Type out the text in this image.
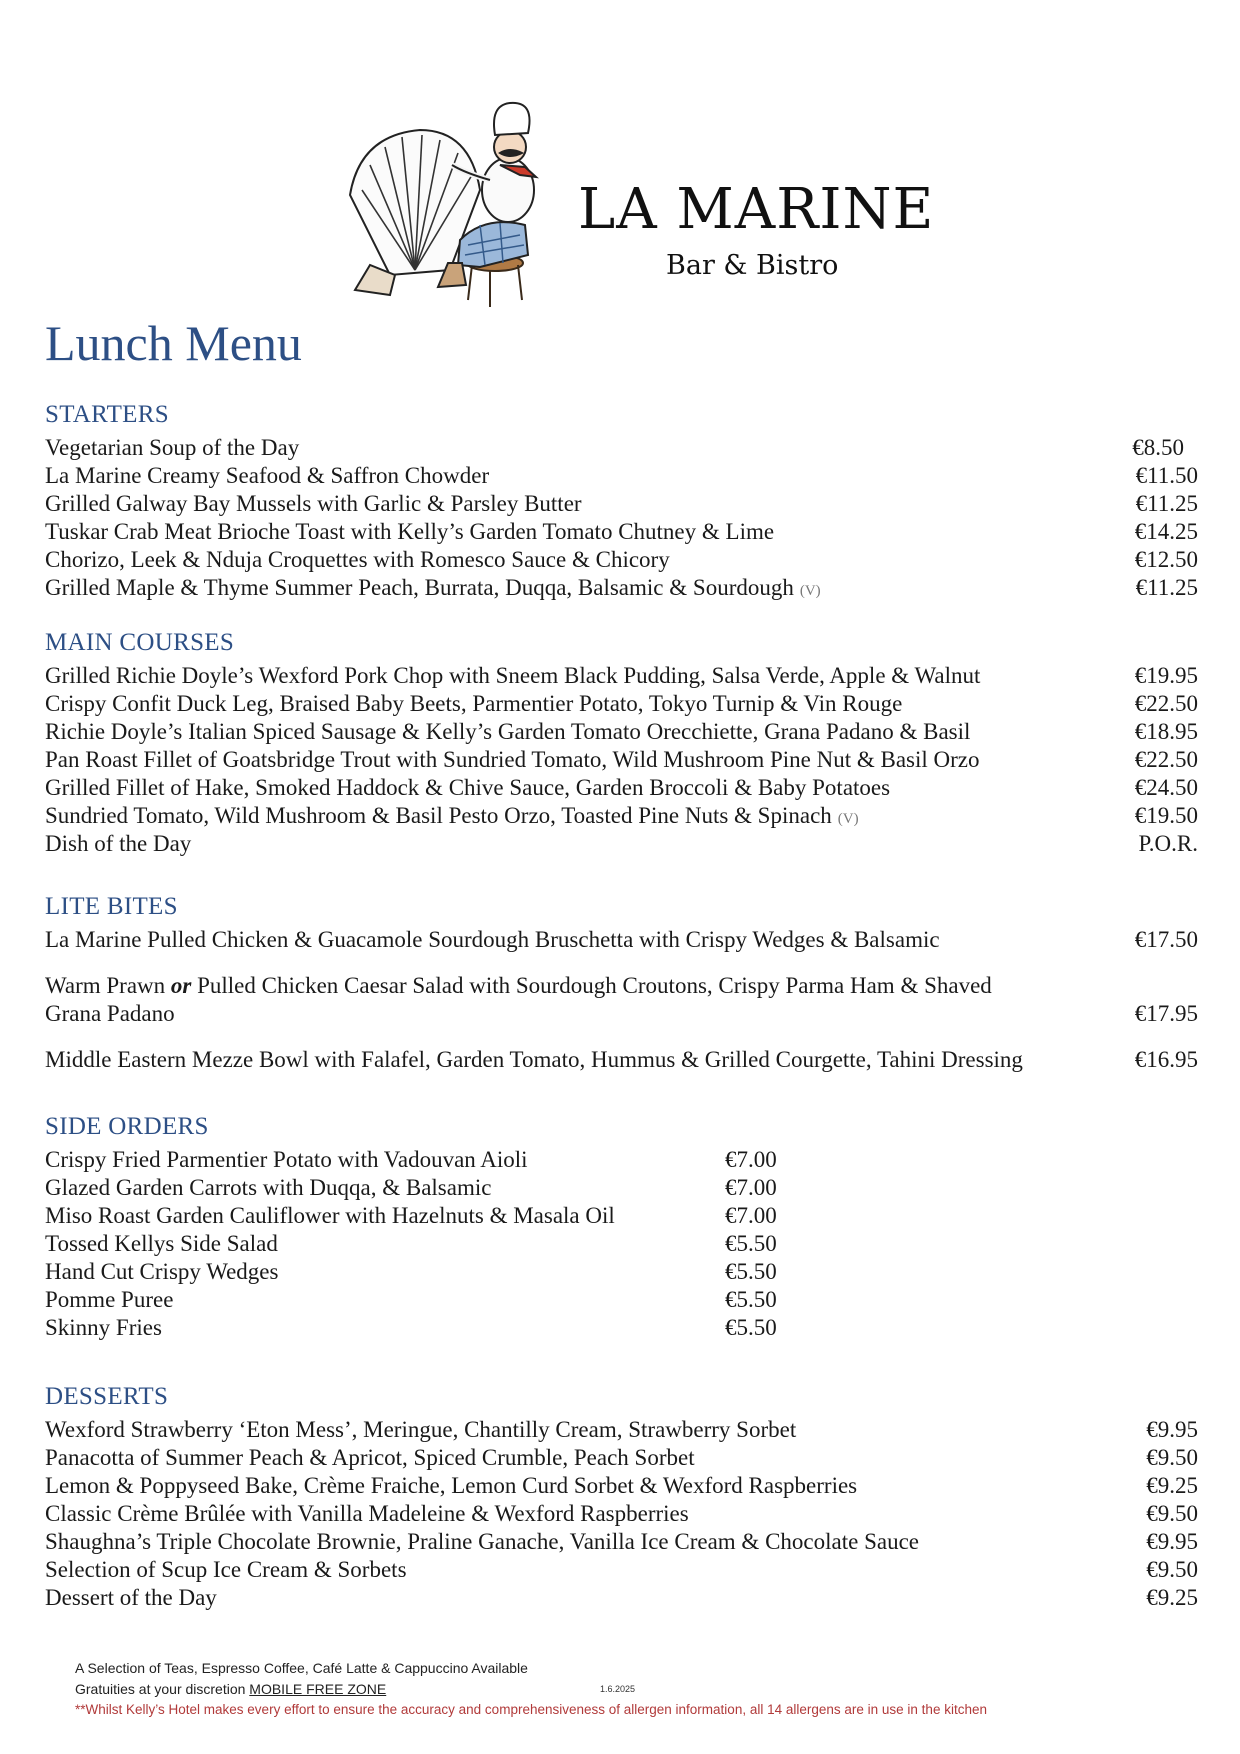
LA MARINE
Bar & Bistro
Lunch Menu
STARTERS
Vegetarian Soup of the Day	€8.50
La Marine Creamy Seafood & Saffron Chowder	€11.50
Grilled Galway Bay Mussels with Garlic & Parsley Butter	€11.25
Tuskar Crab Meat Brioche Toast with Kelly’s Garden Tomato Chutney & Lime	€14.25
Chorizo, Leek & Nduja Croquettes with Romesco Sauce & Chicory	€12.50
Grilled Maple & Thyme Summer Peach, Burrata, Duqqa, Balsamic & Sourdough (V)	€11.25
MAIN COURSES
Grilled Richie Doyle’s Wexford Pork Chop with Sneem Black Pudding, Salsa Verde, Apple & Walnut	€19.95
Crispy Confit Duck Leg, Braised Baby Beets, Parmentier Potato, Tokyo Turnip & Vin Rouge	€22.50
Richie Doyle’s Italian Spiced Sausage & Kelly’s Garden Tomato Orecchiette, Grana Padano & Basil	€18.95
Pan Roast Fillet of Goatsbridge Trout with Sundried Tomato, Wild Mushroom Pine Nut & Basil Orzo	€22.50
Grilled Fillet of Hake, Smoked Haddock & Chive Sauce, Garden Broccoli & Baby Potatoes	€24.50
Sundried Tomato, Wild Mushroom & Basil Pesto Orzo, Toasted Pine Nuts & Spinach (V)	€19.50
Dish of the Day	P.O.R.
LITE BITES
La Marine Pulled Chicken & Guacamole Sourdough Bruschetta with Crispy Wedges & Balsamic	€17.50
Warm Prawn or Pulled Chicken Caesar Salad with Sourdough Croutons, Crispy Parma Ham & Shaved
Grana Padano	€17.95
Middle Eastern Mezze Bowl with Falafel, Garden Tomato, Hummus & Grilled Courgette, Tahini Dressing	€16.95
SIDE ORDERS
Crispy Fried Parmentier Potato with Vadouvan Aioli	€7.00
Glazed Garden Carrots with Duqqa, & Balsamic	€7.00
Miso Roast Garden Cauliflower with Hazelnuts & Masala Oil	€7.00
Tossed Kellys Side Salad	€5.50
Hand Cut Crispy Wedges	€5.50
Pomme Puree	€5.50
Skinny Fries	€5.50
DESSERTS
Wexford Strawberry ‘Eton Mess’, Meringue, Chantilly Cream, Strawberry Sorbet	€9.95
Panacotta of Summer Peach & Apricot, Spiced Crumble, Peach Sorbet	€9.50
Lemon & Poppyseed Bake, Crème Fraiche, Lemon Curd Sorbet & Wexford Raspberries	€9.25
Classic Crème Brûlée with Vanilla Madeleine & Wexford Raspberries	€9.50
Shaughna’s Triple Chocolate Brownie, Praline Ganache, Vanilla Ice Cream & Chocolate Sauce	€9.95
Selection of Scup Ice Cream & Sorbets	€9.50
Dessert of the Day	€9.25
A Selection of Teas, Espresso Coffee, Café Latte & Cappuccino Available
Gratuities at your discretion MOBILE FREE ZONE	1.6.2025
**Whilst Kelly’s Hotel makes every effort to ensure the accuracy and comprehensiveness of allergen information, all 14 allergens are in use in the kitchen
